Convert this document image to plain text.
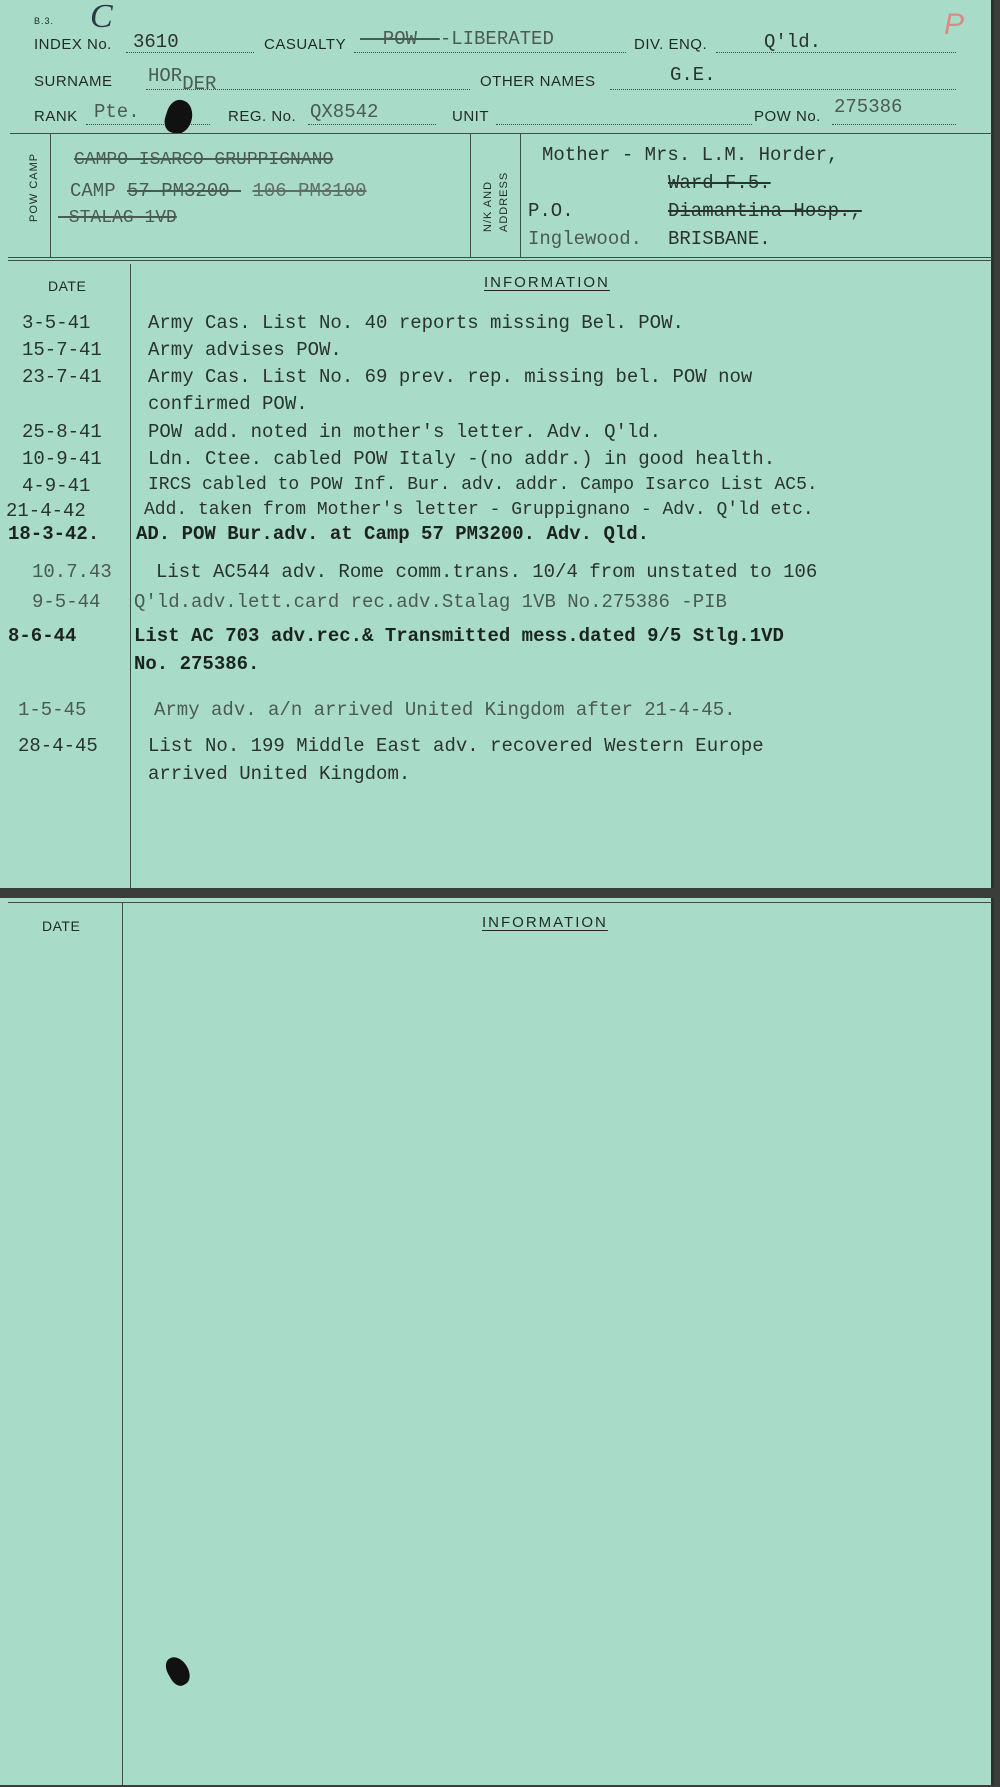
B.3. C	P
INDEX No. 3610	CASUALTY --POW---LIBERATED	DIV. ENQ.	Q'ld.
SURNAME HORDER	OTHER NAMES	G.E.
RANK Pte.	REG. No. QX8542	UNIT	POW No. 275386
POW CAMP CAMPO ISARCO GRUPPIGNANO
CAMP 57-PM3200- 106 PM3100
-STALAG 1VD	N/K AND ADDRESS
Mother - Mrs. L.M. Horder,
Ward-F.5.
P.O.	Diamantina-Hosp.,
Inglewood. BRISBANE.
DATE	INFORMATION
3-5-41	Army Cas. List No. 40 reports missing Bel. POW.
15-7-41 Army advises POW.
23-7-41 Army Cas. List No. 69 prev. rep. missing bel. POW now
confirmed POW.
25-8-41 POW add. noted in mother's letter. Adv. Q'ld.
10-9-41 Ldn. Ctee. cabled POW Italy -(no addr.) in good health.
4-9-41	IRCS cabled to POW Inf. Bur. adv. addr. Campo Isarco List AC5.
21-4-42	Add. taken from Mother's letter - Gruppignano - Adv. Q'ld etc.
18-3-42. AD. POW Bur.adv. at Camp 57 PM3200. Adv. Qld.
10.7.43 List AC544 adv. Rome comm.trans. 10/4 from unstated to 106
9-5-44 Q'ld.adv.lett.card rec.adv.Stalag 1VB No.275386 -PIB
8-6-44	List AC 703 adv.rec.& Transmitted mess.dated 9/5 Stlg.1VD
No. 275386.
1-5-45	Army adv. a/n arrived United Kingdom after 21-4-45.
28-4-45	List No. 199 Middle East adv. recovered Western Europe
arrived United Kingdom.
DATE	INFORMATION
